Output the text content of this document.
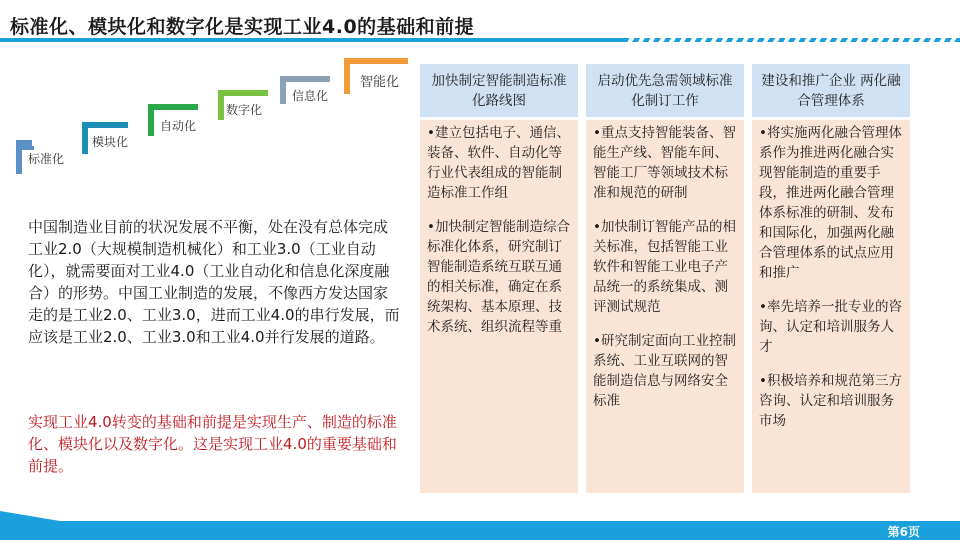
标准化、模块化和数字化是实现工业4.0的基础和前提
标准化
模块化
自动化
数字化
信息化
智能化

中国制造业目前的状况发展不平衡，处在没有总体完成工业2.0（大规模制造机械化）和工业3.0（工业自动化），就需要面对工业4.0（工业自动化和信息化深度融合）的形势。中国工业制造的发展，不像西方发达国家走的是工业2.0、工业3.0，进而工业4.0的串行发展，而应该是工业2.0、工业3.0和工业4.0并行发展的道路。

实现工业4.0转变的基础和前提是实现生产、制造的标准化、模块化以及数字化。这是实现工业4.0的重要基础和前提。
加快制定智能制造标准化路线图

•建立包括电子、通信、装备、软件、自动化等行业代表组成的智能制造标准工作组

•加快制定智能制造综合标准化体系，研究制订智能制造系统互联互通的相关标准，确定在系统架构、基本原理、技术系统、组织流程等重

启动优先急需领域标准化制订工作

•重点支持智能装备、智能生产线、智能车间、智能工厂等领域技术标准和规范的研制

•加快制订智能产品的相关标准，包括智能工业软件和智能工业电子产品统一的系统集成、测评测试规范

•研究制定面向工业控制系统、工业互联网的智能制造信息与网络安全标准

建设和推广企业 两化融合管理体系

•将实施两化融合管理体系作为推进两化融合实现智能制造的重要手段，推进两化融合管理体系标准的研制、发布和国际化，加强两化融合管理体系的试点应用和推广

•率先培养一批专业的咨询、认定和培训服务人才

•积极培养和规范第三方咨询、认定和培训服务市场

第6页
